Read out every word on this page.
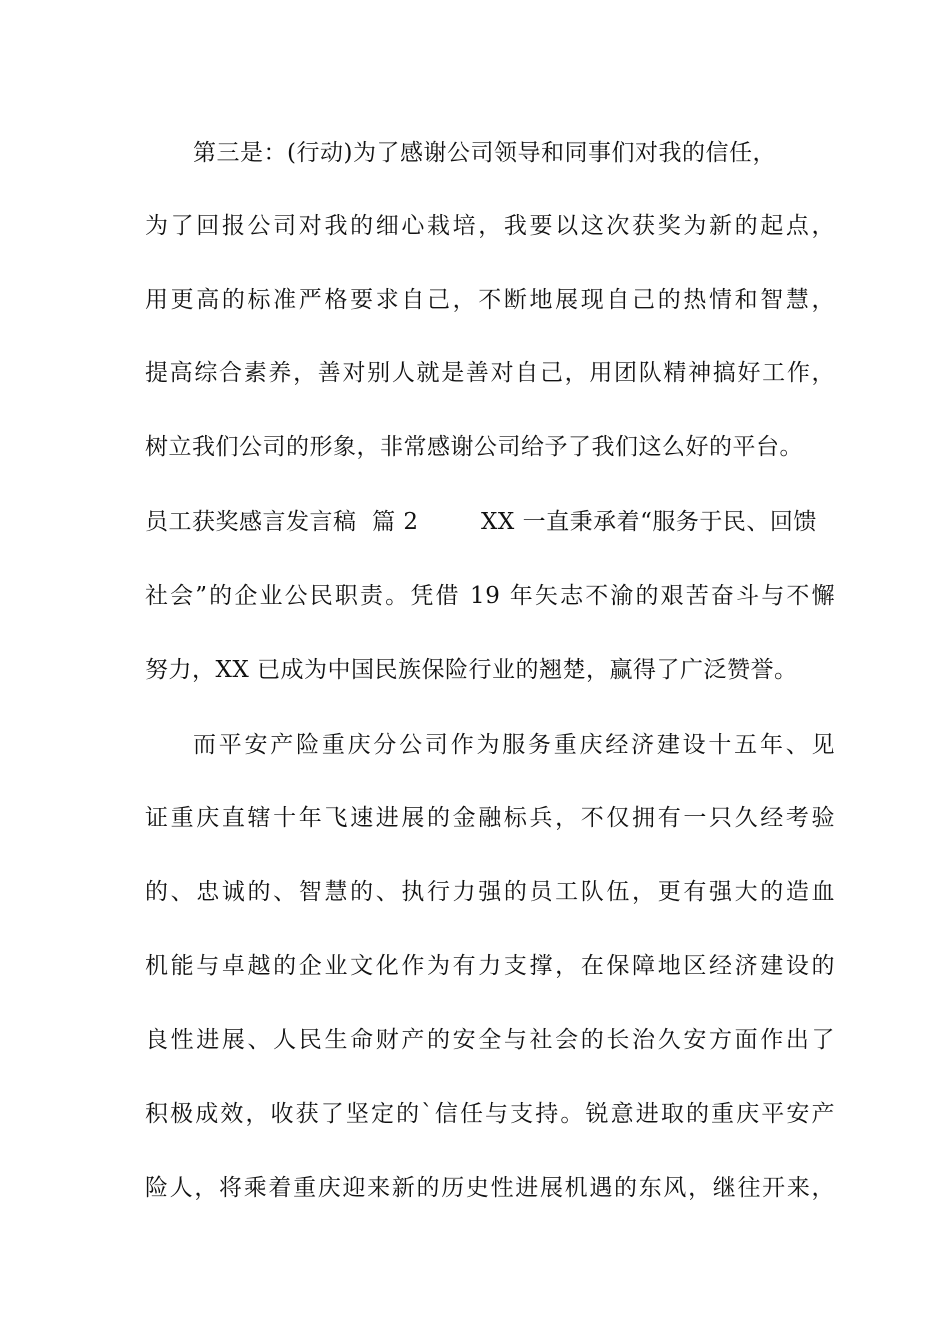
第三是：(行动)为了感谢公司领导和同事们对我的信任，
为了回报公司对我的细心栽培，我要以这次获奖为新的起点，
用更高的标准严格要求自己，不断地展现自己的热情和智慧，
提高综合素养，善对别人就是善对自己，用团队精神搞好工作，
树立我们公司的形象，非常感谢公司给予了我们这么好的平台。
员工获奖感言发言稿  篇 2        XX 一直秉承着“服务于民、回馈
社会”的企业公民职责。凭借 19 年矢志不渝的艰苦奋斗与不懈
努力，XX 已成为中国民族保险行业的翘楚，赢得了广泛赞誉。
而平安产险重庆分公司作为服务重庆经济建设十五年、见
证重庆直辖十年飞速进展的金融标兵，不仅拥有一只久经考验
的、忠诚的、智慧的、执行力强的员工队伍，更有强大的造血
机能与卓越的企业文化作为有力支撑，在保障地区经济建设的
良性进展、人民生命财产的安全与社会的长治久安方面作出了
积极成效，收获了坚定的`信任与支持。锐意进取的重庆平安产
险人，将乘着重庆迎来新的历史性进展机遇的东风，继往开来，
